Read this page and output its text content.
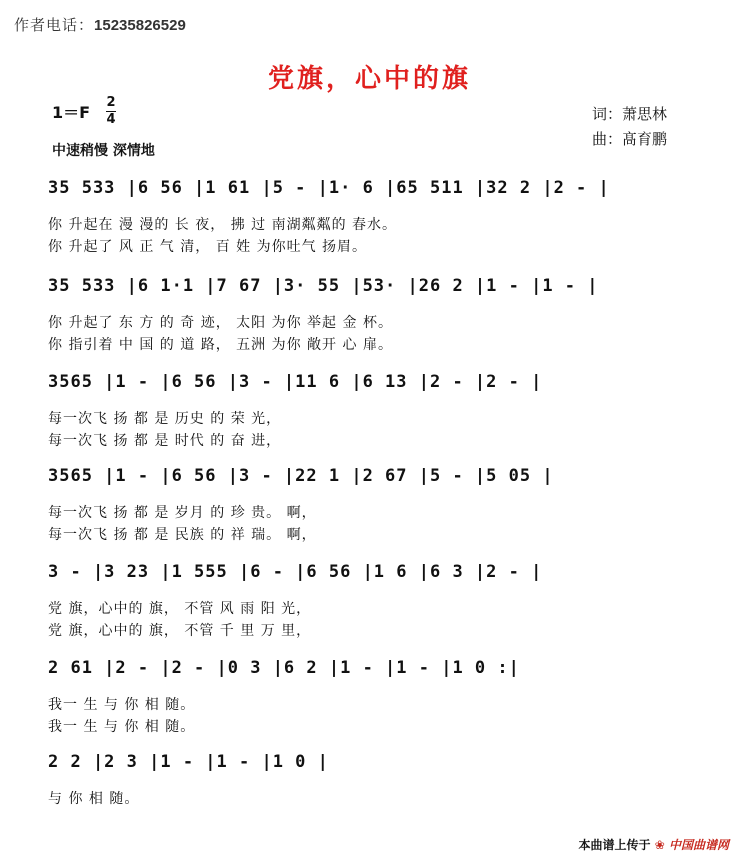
作者电话：15235826529
党旗，心中的旗
1＝F
2
4	词：萧思林
曲：髙育鹏
中速稍慢 深情地
35 533 |6 56 |1 61 |5 - |1· 6 |65 511 |32 2 |2 - |
你 升起在 漫 漫的 长 夜， 拂 过 南湖粼粼的 春水。
你 升起了 风 正 气 清， 百 姓 为你吐气 扬眉。
35 533 |6 1·1 |7 67 |3· 55 |53· |26 2 |1 - |1 - |
你 升起了 东 方 的 奇 迹， 太阳 为你 举起 金 杯。
你 指引着 中 国 的 道 路， 五洲 为你 敞开 心 扉。
3565 |1 - |6 56 |3 - |11 6 |6 13 |2 - |2 - |
每一次飞 扬 都 是 历史 的 荣 光，
每一次飞 扬 都 是 时代 的 奋 进，
3565 |1 - |6 56 |3 - |22 1 |2 67 |5 - |5 05 |
每一次飞 扬 都 是 岁月 的 珍 贵。 啊，
每一次飞 扬 都 是 民族 的 祥 瑞。 啊，
3 - |3 23 |1 555 |6 - |6 56 |1 6 |6 3 |2 - |
党 旗，心中的 旗， 不管 风 雨 阳 光，
党 旗，心中的 旗， 不管 千 里 万 里，
2 61 |2 - |2 - |0 3 |6 2 |1 - |1 - |1 0 :|
我一 生 与 你 相 随。
我一 生 与 你 相 随。
2 2 |2 3 |1 - |1 - |1 0 |
与 你 相 随。
本曲谱上传于 ❀ 中国曲谱网
